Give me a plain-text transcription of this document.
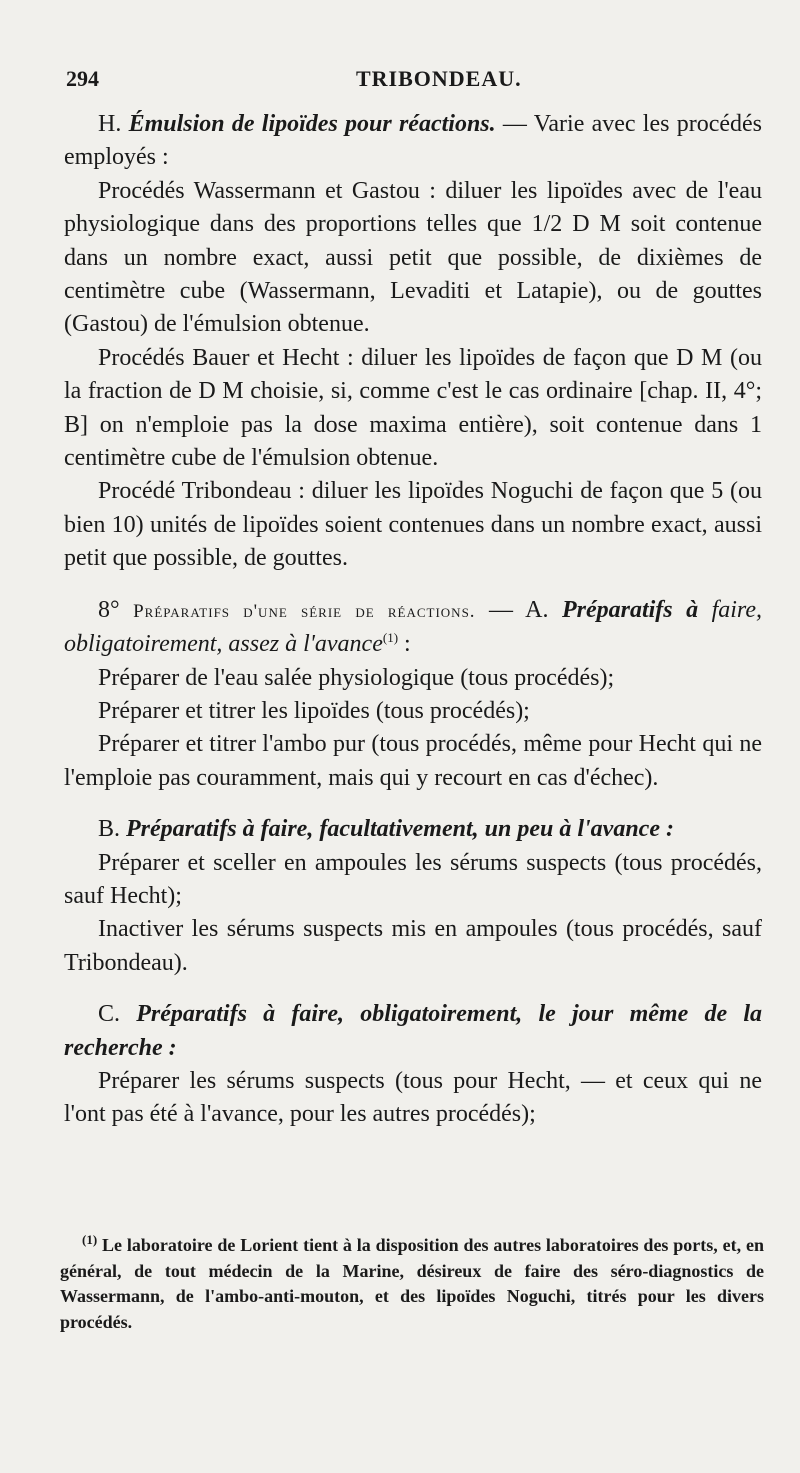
294	TRIBONDEAU.

H. Émulsion de lipoïdes pour réactions. — Varie avec les procédés employés :

Procédés Wassermann et Gastou : diluer les lipoïdes avec de l'eau physiologique dans des proportions telles que 1/2 D M soit contenue dans un nombre exact, aussi petit que possible, de dixièmes de centimètre cube (Wassermann, Levaditi et Latapie), ou de gouttes (Gastou) de l'émulsion obtenue.

Procédés Bauer et Hecht : diluer les lipoïdes de façon que D M (ou la fraction de D M choisie, si, comme c'est le cas ordinaire [chap. II, 4°; B] on n'emploie pas la dose maxima entière), soit contenue dans 1 centimètre cube de l'émulsion obtenue.

Procédé Tribondeau : diluer les lipoïdes Noguchi de façon que 5 (ou bien 10) unités de lipoïdes soient contenues dans un nombre exact, aussi petit que possible, de gouttes.

8° Préparatifs d'une série de réactions. — A. Préparatifs à faire, obligatoirement, assez à l'avance$^{(1)}$ :

Préparer de l'eau salée physiologique (tous procédés);

Préparer et titrer les lipoïdes (tous procédés);

Préparer et titrer l'ambo pur (tous procédés, même pour Hecht qui ne l'emploie pas couramment, mais qui y recourt en cas d'échec).

B. Préparatifs à faire, facultativement, un peu à l'avance :

Préparer et sceller en ampoules les sérums suspects (tous procédés, sauf Hecht);

Inactiver les sérums suspects mis en ampoules (tous procédés, sauf Tribondeau).

C. Préparatifs à faire, obligatoirement, le jour même de la recherche :

Préparer les sérums suspects (tous pour Hecht, — et ceux qui ne l'ont pas été à l'avance, pour les autres procédés);

$^{(1)}$ Le laboratoire de Lorient tient à la disposition des autres laboratoires des ports, et, en général, de tout médecin de la Marine, désireux de faire des séro-diagnostics de Wassermann, de l'ambo-anti-mouton, et des lipoïdes Noguchi, titrés pour les divers procédés.
